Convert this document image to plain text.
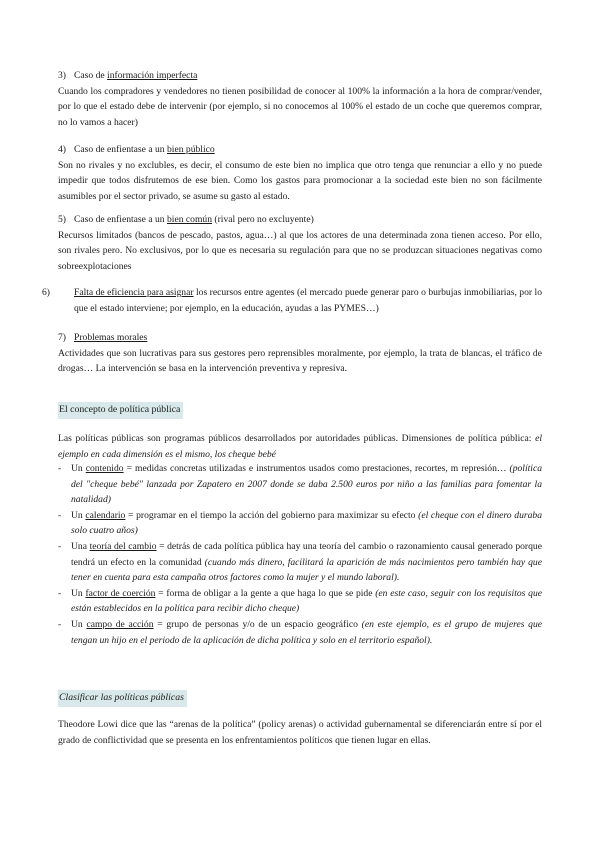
3) Caso de información imperfecta
Cuando los compradores y vendedores no tienen posibilidad de conocer al 100% la información a la hora de comprar/vender, por lo que el estado debe de intervenir (por ejemplo, si no conocemos al 100% el estado de un coche que queremos comprar, no lo vamos a hacer)
4) Caso de enfientase a un bien público
Son no rivales y no exclubles, es decir, el consumo de este bien no implica que otro tenga que renunciar a ello y no puede impedir que todos disfrutemos de ese bien. Como los gastos para promocionar a la sociedad este bien no son fácilmente asumibles por el sector privado, se asume su gasto al estado.
5) Caso de enfientase a un bien común (rival pero no excluyente)
Recursos limitados (bancos de pescado, pastos, agua…) al que los actores de una determinada zona tienen acceso. Por ello, son rivales pero. No exclusivos, por lo que es necesaria su regulación para que no se produzcan situaciones negativas como sobreexplotaciones
6)	Falta de eficiencia para asignar los recursos entre agentes (el mercado puede generar paro o burbujas inmobiliarias, por lo que el estado interviene; por ejemplo, en la educación, ayudas a las PYMES…)
7) Problemas morales
Actividades que son lucrativas para sus gestores pero reprensibles moralmente, por ejemplo, la trata de blancas, el tráfico de drogas… La intervención se basa en la intervención preventiva y represiva.
El concepto de política pública
Las políticas públicas son programas públicos desarrollados por autoridades públicas. Dimensiones de política pública: el ejemplo en cada dimensión es el mismo, los cheque bebé
- Un contenido = medidas concretas utilizadas e instrumentos usados como prestaciones, recortes, m represión… (política del "cheque bebé" lanzada por Zapatero en 2007 donde se daba 2.500 euros por niño a las familias para fomentar la natalidad)
- Un calendario = programar en el tiempo la acción del gobierno para maximizar su efecto (el cheque con el dinero duraba solo cuatro años)
- Una teoría del cambio = detrás de cada política pública hay una teoría del cambio o razonamiento causal generado porque tendrá un efecto en la comunidad (cuando más dinero, facilitará la aparición de más nacimientos pero también hay que tener en cuenta para esta campaña otros factores como la mujer y el mundo laboral).
- Un factor de coerción = forma de obligar a la gente a que haga lo que se pide (en este caso, seguir con los requisitos que están establecidos en la política para recibir dicho cheque)
- Un campo de acción = grupo de personas y/o de un espacio geográfico (en este ejemplo, es el grupo de mujeres que tengan un hijo en el periodo de la aplicación de dicha política y solo en el territorio español).
Clasificar las políticas públicas
Theodore Lowi dice que las “arenas de la política” (policy arenas) o actividad gubernamental se diferenciarán entre sí por el grado de conflictividad que se presenta en los enfrentamientos políticos que tienen lugar en ellas.
